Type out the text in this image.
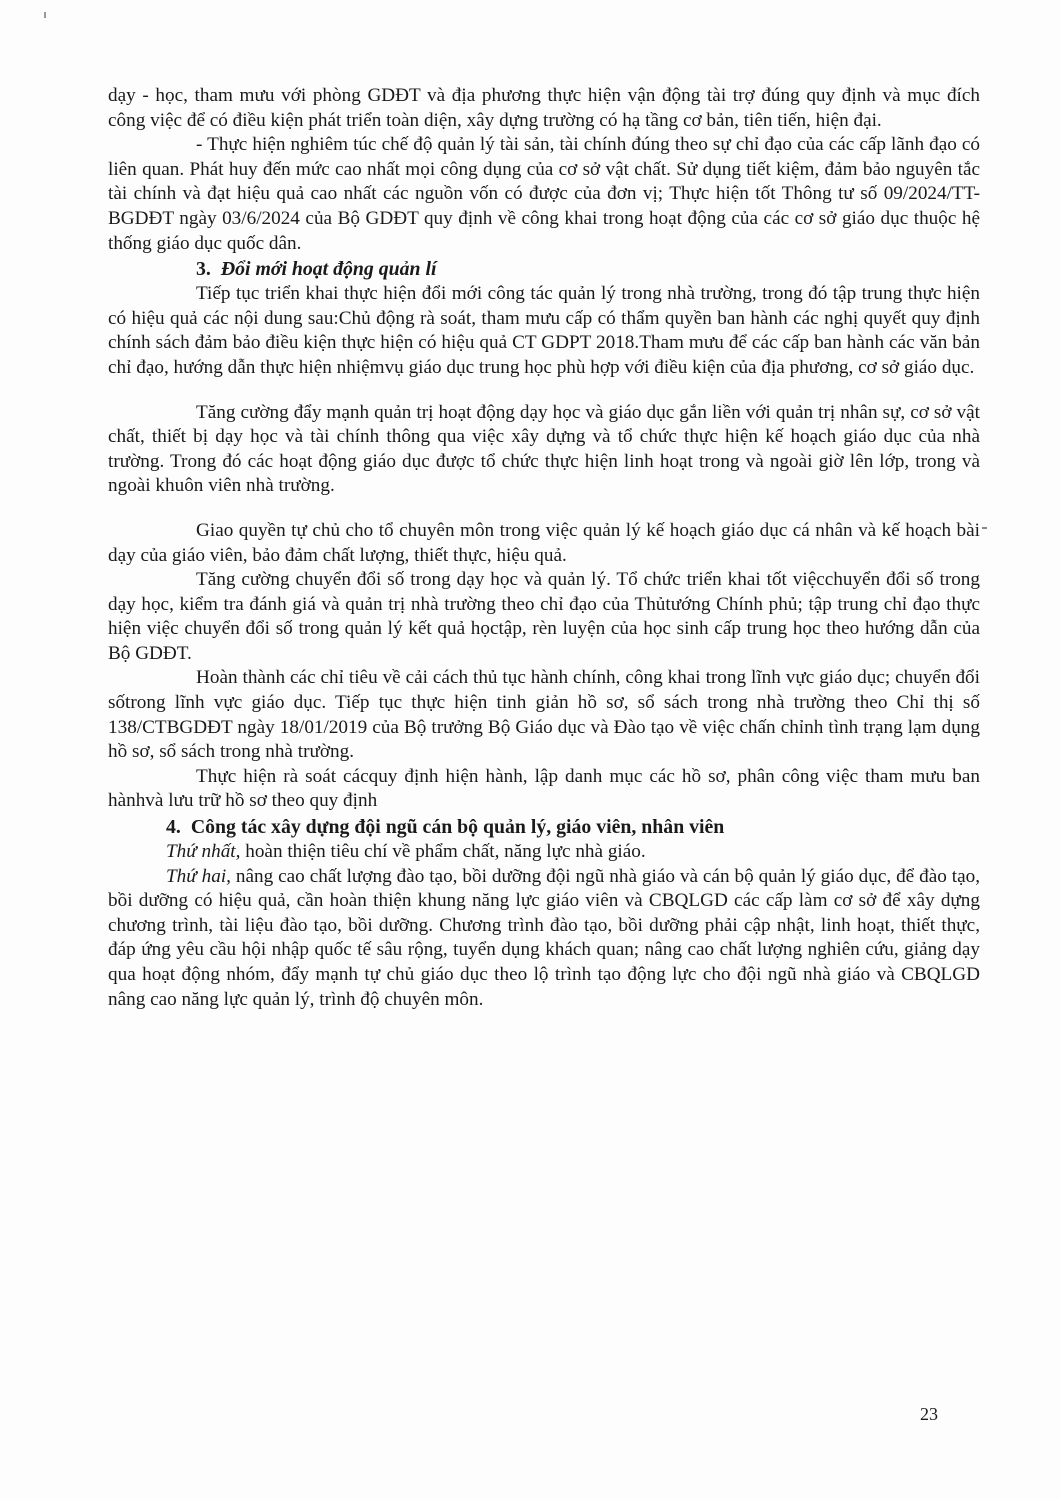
dạy - học, tham mưu với phòng GDĐT và địa phương thực hiện vận động tài trợ đúng quy định và mục đích công việc để có điều kiện phát triển toàn diện, xây dựng trường có hạ tầng cơ bản, tiên tiến, hiện đại.

- Thực hiện nghiêm túc chế độ quản lý tài sản, tài chính đúng theo sự chỉ đạo của các cấp lãnh đạo có liên quan. Phát huy đến mức cao nhất mọi công dụng của cơ sở vật chất. Sử dụng tiết kiệm, đảm bảo nguyên tắc tài chính và đạt hiệu quả cao nhất các nguồn vốn có được của đơn vị; Thực hiện tốt Thông tư số 09/2024/TT-BGDĐT ngày 03/6/2024 của Bộ GDĐT quy định về công khai trong hoạt động của các cơ sở giáo dục thuộc hệ thống giáo dục quốc dân.

3. Đổi mới hoạt động quản lí

Tiếp tục triển khai thực hiện đổi mới công tác quản lý trong nhà trường, trong đó tập trung thực hiện có hiệu quả các nội dung sau:Chủ động rà soát, tham mưu cấp có thẩm quyền ban hành các nghị quyết quy định chính sách đảm bảo điều kiện thực hiện có hiệu quả CT GDPT 2018.Tham mưu để các cấp ban hành các văn bản chỉ đạo, hướng dẫn thực hiện nhiệmvụ giáo dục trung học phù hợp với điều kiện của địa phương, cơ sở giáo dục.

Tăng cường đẩy mạnh quản trị hoạt động dạy học và giáo dục gắn liền với quản trị nhân sự, cơ sở vật chất, thiết bị dạy học và tài chính thông qua việc xây dựng và tổ chức thực hiện kế hoạch giáo dục của nhà trường. Trong đó các hoạt động giáo dục được tổ chức thực hiện linh hoạt trong và ngoài giờ lên lớp, trong và ngoài khuôn viên nhà trường.

Giao quyền tự chủ cho tổ chuyên môn trong việc quản lý kế hoạch giáo dục cá nhân và kế hoạch bài dạy của giáo viên, bảo đảm chất lượng, thiết thực, hiệu quả.

Tăng cường chuyển đổi số trong dạy học và quản lý. Tổ chức triển khai tốt việcchuyển đổi số trong dạy học, kiểm tra đánh giá và quản trị nhà trường theo chỉ đạo của Thủtướng Chính phủ; tập trung chỉ đạo thực hiện việc chuyển đổi số trong quản lý kết quả họctập, rèn luyện của học sinh cấp trung học theo hướng dẫn của Bộ GDĐT.

Hoàn thành các chỉ tiêu về cải cách thủ tục hành chính, công khai trong lĩnh vực giáo dục; chuyển đổi sốtrong lĩnh vực giáo dục. Tiếp tục thực hiện tinh giản hồ sơ, sổ sách trong nhà trường theo Chỉ thị số 138/CTBGDĐT ngày 18/01/2019 của Bộ trưởng Bộ Giáo dục và Đào tạo về việc chấn chỉnh tình trạng lạm dụng hồ sơ, sổ sách trong nhà trường.

Thực hiện rà soát cácquy định hiện hành, lập danh mục các hồ sơ, phân công việc tham mưu ban hànhvà lưu trữ hồ sơ theo quy định

4. Công tác xây dựng đội ngũ cán bộ quản lý, giáo viên, nhân viên

Thứ nhất, hoàn thiện tiêu chí về phẩm chất, năng lực nhà giáo.

Thứ hai, nâng cao chất lượng đào tạo, bồi dưỡng đội ngũ nhà giáo và cán bộ quản lý giáo dục, để đào tạo, bồi dưỡng có hiệu quả, cần hoàn thiện khung năng lực giáo viên và CBQLGD các cấp làm cơ sở để xây dựng chương trình, tài liệu đào tạo, bồi dưỡng. Chương trình đào tạo, bồi dưỡng phải cập nhật, linh hoạt, thiết thực, đáp ứng yêu cầu hội nhập quốc tế sâu rộng, tuyển dụng khách quan; nâng cao chất lượng nghiên cứu, giảng dạy qua hoạt động nhóm, đẩy mạnh tự chủ giáo dục theo lộ trình tạo động lực cho đội ngũ nhà giáo và CBQLGD nâng cao năng lực quản lý, trình độ chuyên môn.

23
